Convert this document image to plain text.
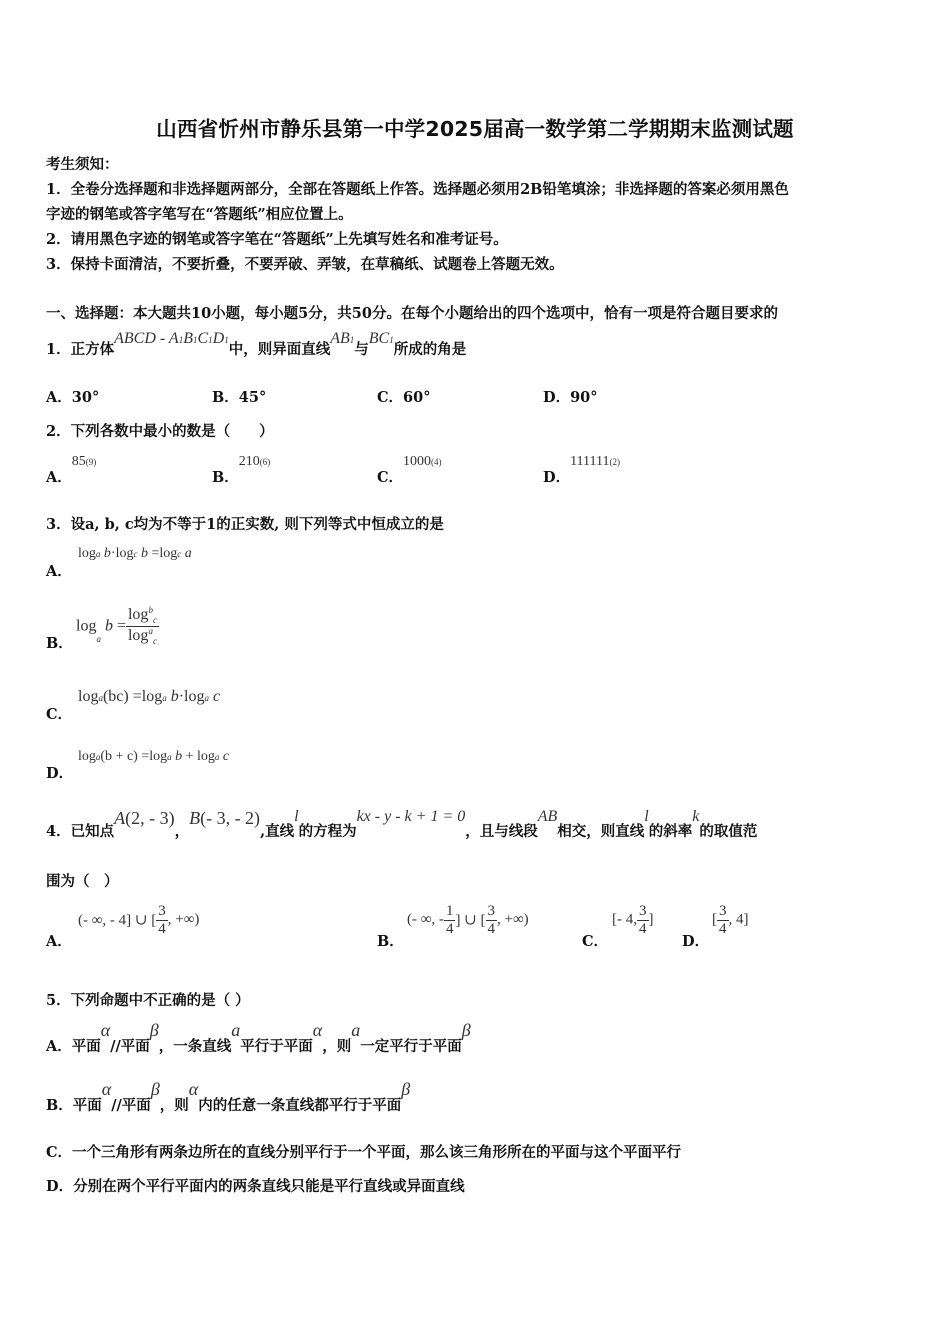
山西省忻州市静乐县第一中学2025届高一数学第二学期期末监测试题
考生须知：
1．全卷分选择题和非选择题两部分，全部在答题纸上作答。选择题必须用2B铅笔填涂；非选择题的答案必须用黑色
字迹的钢笔或答字笔写在“答题纸”相应位置上。
2．请用黑色字迹的钢笔或答字笔在“答题纸”上先填写姓名和准考证号。
3．保持卡面清洁，不要折叠，不要弄破、弄皱，在草稿纸、试题卷上答题无效。
一、选择题：本大题共10小题，每小题5分，共50分。在每个小题给出的四个选项中，恰有一项是符合题目要求的
1．正方体ABCD - A1B1C1D1中，则异面直线AB1与BC1所成的角是
A．30°	B．45°	C．60°	D．90°
2．下列各数中最小的数是（　　）
A．85(9)
B．210(6)
C．1000(4)
D．111111(2)
3．设a, b, c均为不等于1的正实数, 则下列等式中恒成立的是
A．
loga b·logc b =logc a
B．
$\log_a b = \frac{\log^b_c}{\log^a_c}$
C．
loga(bc) =loga b·loga c
D．
loga(b + c) =loga b + loga c
4．已知点A(2, - 3)，B(- 3, - 2),直线l的方程为kx - y - k + 1 = 0，且与线段AB相交，则直线l的斜率k的取值范
围为（　）
A．
(- ∞, - 4] ∪ [ $\frac{3}{4}$ , +∞)
B．
(- ∞, - $\frac{1}{4}$ ] ∪ [ $\frac{3}{4}$ , +∞)
C．
[- 4, $\frac{3}{4}$ ]
D．
[ $\frac{3}{4}$ , 4]
5．下列命题中不正确的是（ ）
A．平面α//平面β，一条直线a平行于平面α，则a一定平行于平面β
B．平面α//平面β，则α内的任意一条直线都平行于平面β
C．一个三角形有两条边所在的直线分别平行于一个平面，那么该三角形所在的平面与这个平面平行
D．分别在两个平行平面内的两条直线只能是平行直线或异面直线
